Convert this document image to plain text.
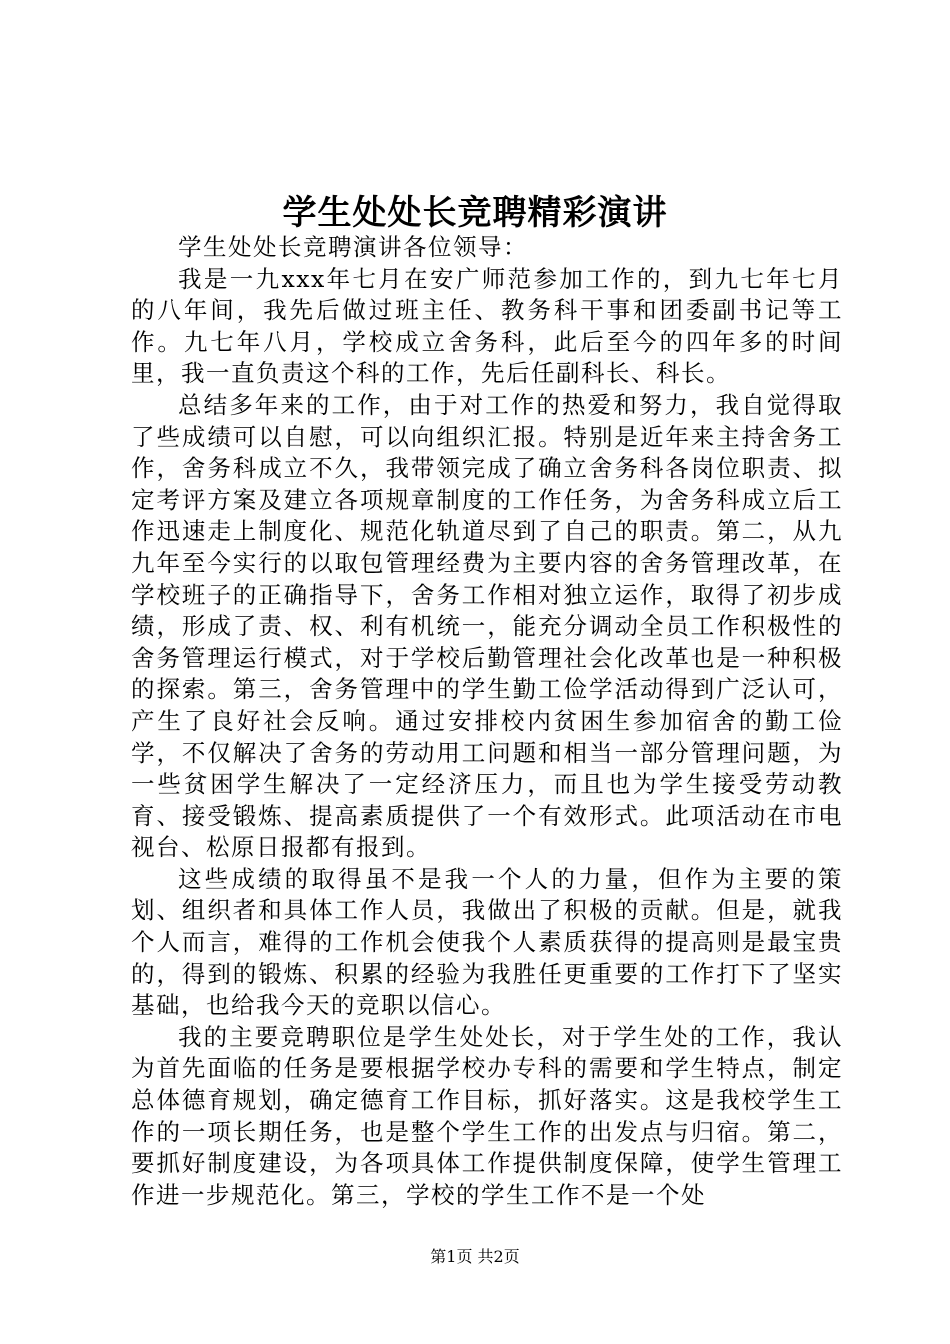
学生处处长竞聘精彩演讲

学生处处长竞聘演讲各位领导：

我是一九xxx年七月在安广师范参加工作的，到九七年七月的八年间，我先后做过班主任、教务科干事和团委副书记等工作。九七年八月，学校成立舍务科，此后至今的四年多的时间里，我一直负责这个科的工作，先后任副科长、科长。

总结多年来的工作，由于对工作的热爱和努力，我自觉得取了些成绩可以自慰，可以向组织汇报。特别是近年来主持舍务工作，舍务科成立不久，我带领完成了确立舍务科各岗位职责、拟定考评方案及建立各项规章制度的工作任务，为舍务科成立后工作迅速走上制度化、规范化轨道尽到了自己的职责。第二，从九九年至今实行的以取包管理经费为主要内容的舍务管理改革，在学校班子的正确指导下，舍务工作相对独立运作，取得了初步成绩，形成了责、权、利有机统一，能充分调动全员工作积极性的舍务管理运行模式，对于学校后勤管理社会化改革也是一种积极的探索。第三，舍务管理中的学生勤工俭学活动得到广泛认可，产生了良好社会反响。通过安排校内贫困生参加宿舍的勤工俭学，不仅解决了舍务的劳动用工问题和相当一部分管理问题，为一些贫困学生解决了一定经济压力，而且也为学生接受劳动教育、接受锻炼、提高素质提供了一个有效形式。此项活动在市电视台、松原日报都有报到。

这些成绩的取得虽不是我一个人的力量，但作为主要的策划、组织者和具体工作人员，我做出了积极的贡献。但是，就我个人而言，难得的工作机会使我个人素质获得的提高则是最宝贵的，得到的锻炼、积累的经验为我胜任更重要的工作打下了坚实基础，也给我今天的竞职以信心。

我的主要竞聘职位是学生处处长，对于学生处的工作，我认为首先面临的任务是要根据学校办专科的需要和学生特点，制定总体德育规划，确定德育工作目标，抓好落实。这是我校学生工作的一项长期任务，也是整个学生工作的出发点与归宿。第二，要抓好制度建设，为各项具体工作提供制度保障，使学生管理工作进一步规范化。第三，学校的学生工作不是一个处

第1页 共2页
